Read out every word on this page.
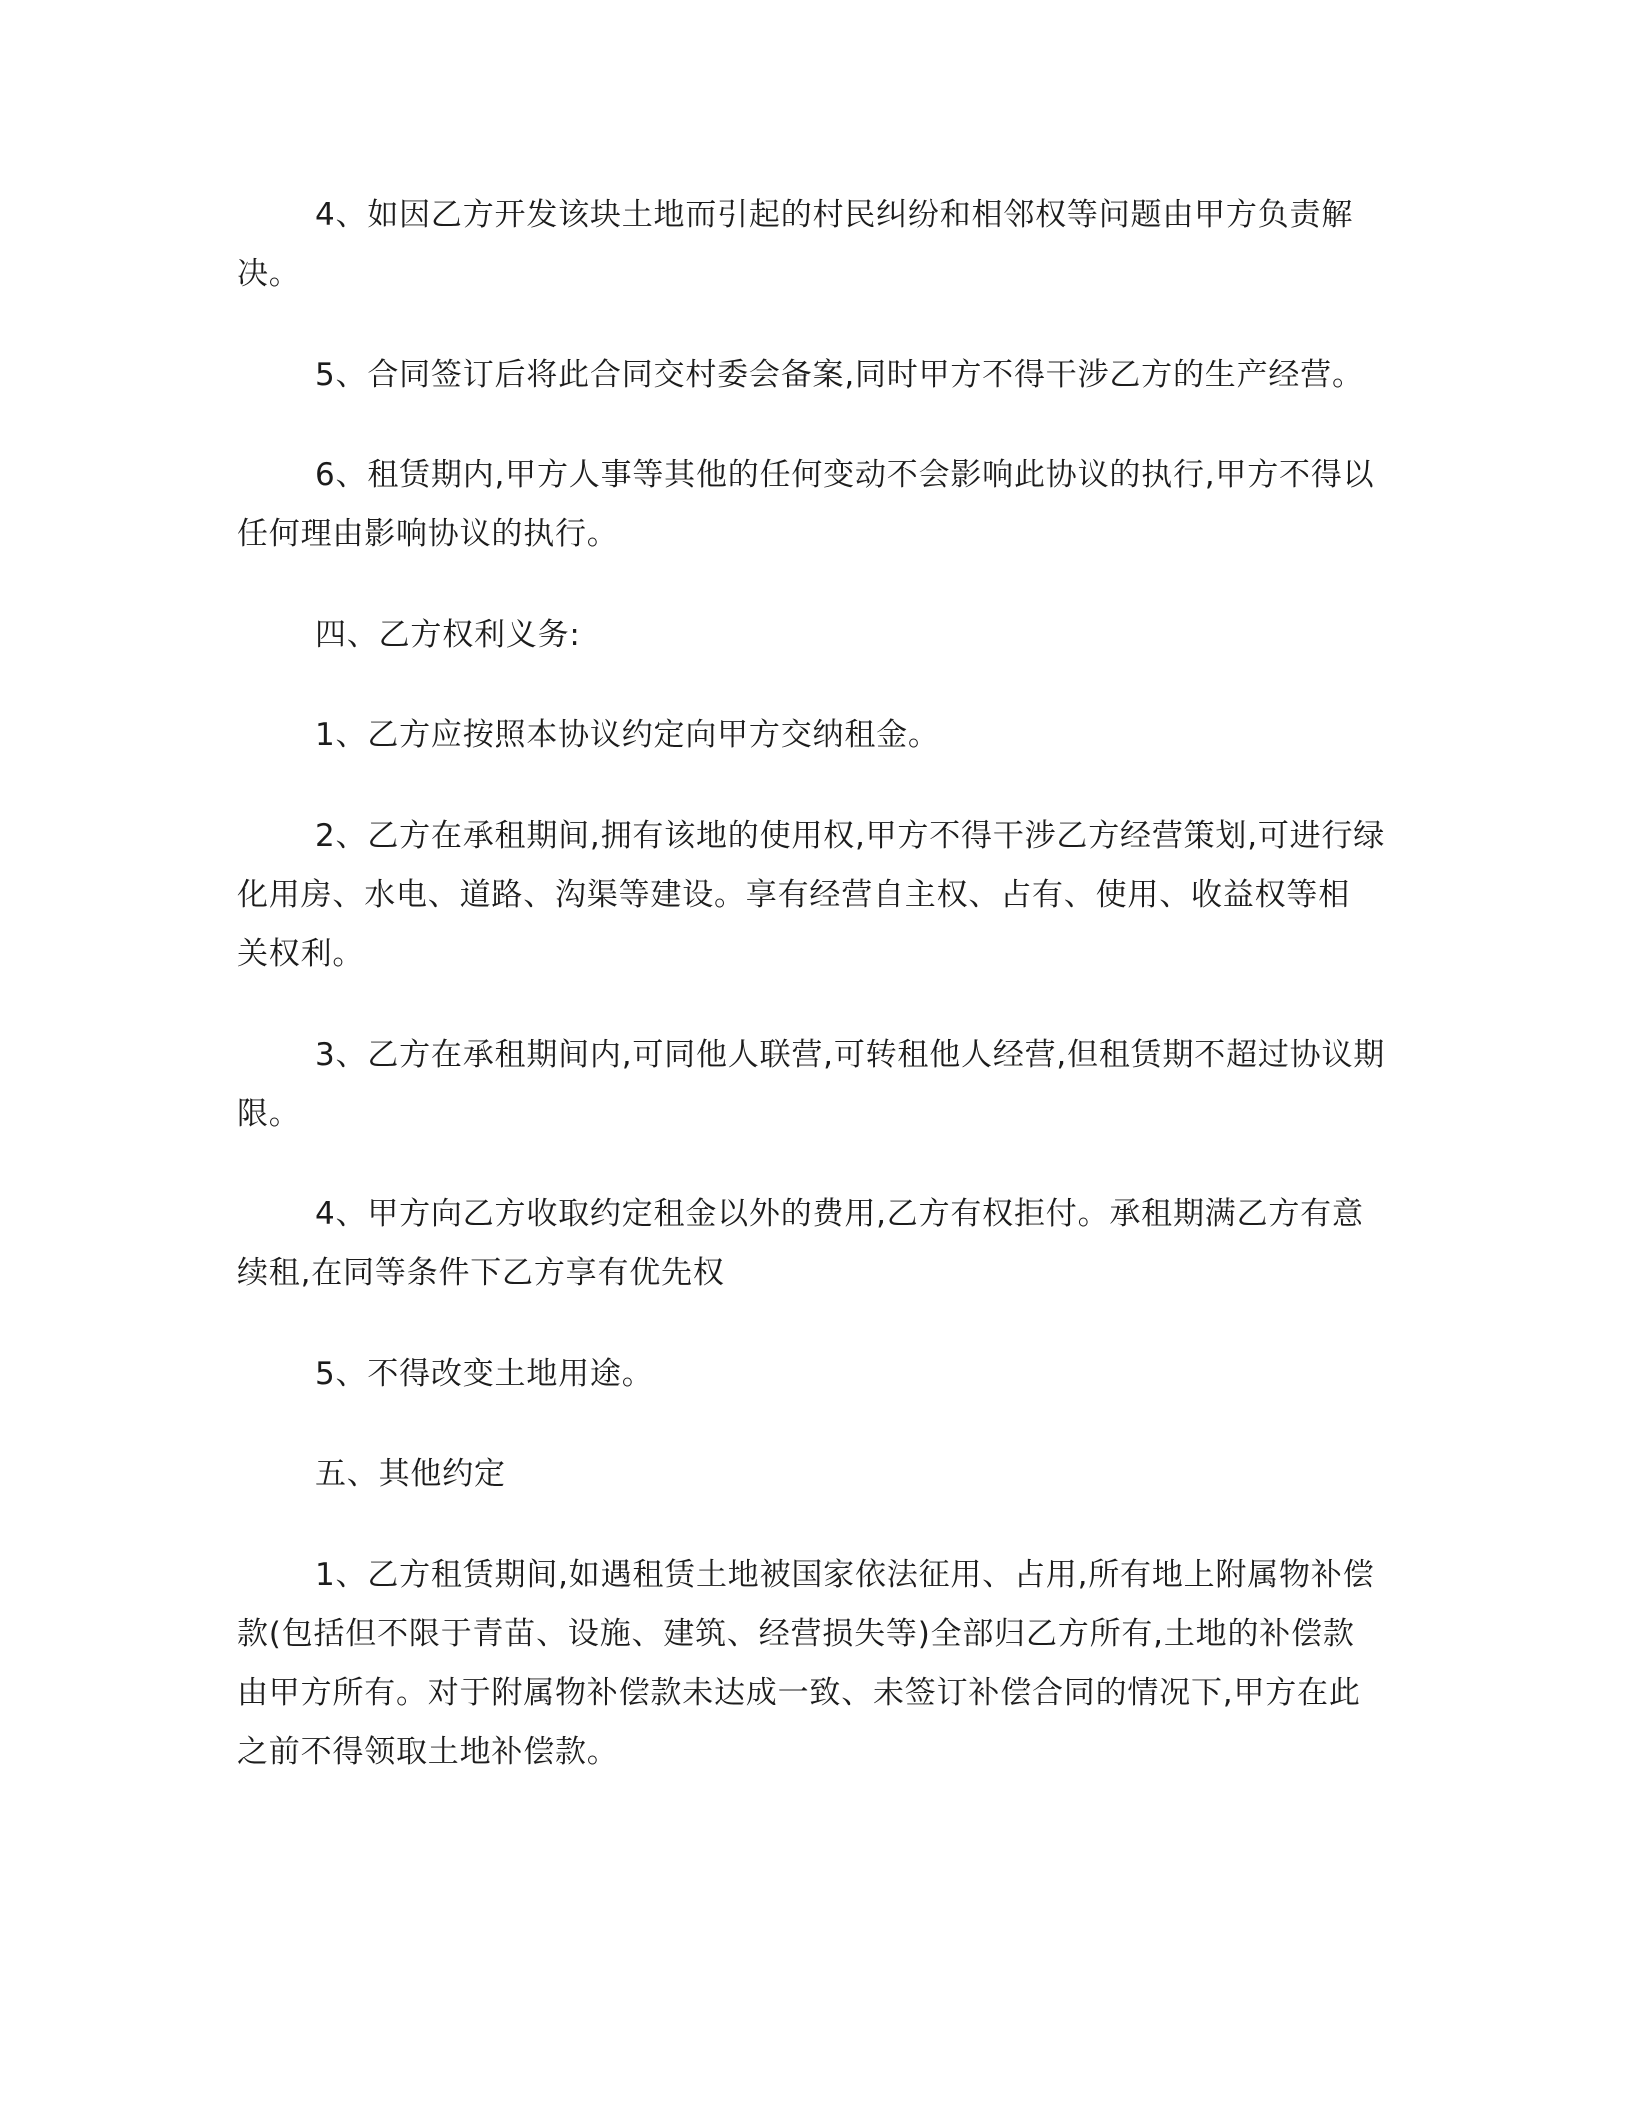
4、如因乙方开发该块土地而引起的村民纠纷和相邻权等问题由甲方负责解
决。

5、合同签订后将此合同交村委会备案,同时甲方不得干涉乙方的生产经营。

6、租赁期内,甲方人事等其他的任何变动不会影响此协议的执行,甲方不得以
任何理由影响协议的执行。

四、乙方权利义务:

1、乙方应按照本协议约定向甲方交纳租金。

2、乙方在承租期间,拥有该地的使用权,甲方不得干涉乙方经营策划,可进行绿
化用房、水电、道路、沟渠等建设。享有经营自主权、占有、使用、收益权等相
关权利。

3、乙方在承租期间内,可同他人联营,可转租他人经营,但租赁期不超过协议期
限。

4、甲方向乙方收取约定租金以外的费用,乙方有权拒付。承租期满乙方有意
续租,在同等条件下乙方享有优先权

5、不得改变土地用途。

五、其他约定

1、乙方租赁期间,如遇租赁土地被国家依法征用、占用,所有地上附属物补偿
款(包括但不限于青苗、设施、建筑、经营损失等)全部归乙方所有,土地的补偿款
由甲方所有。对于附属物补偿款未达成一致、未签订补偿合同的情况下,甲方在此
之前不得领取土地补偿款。
